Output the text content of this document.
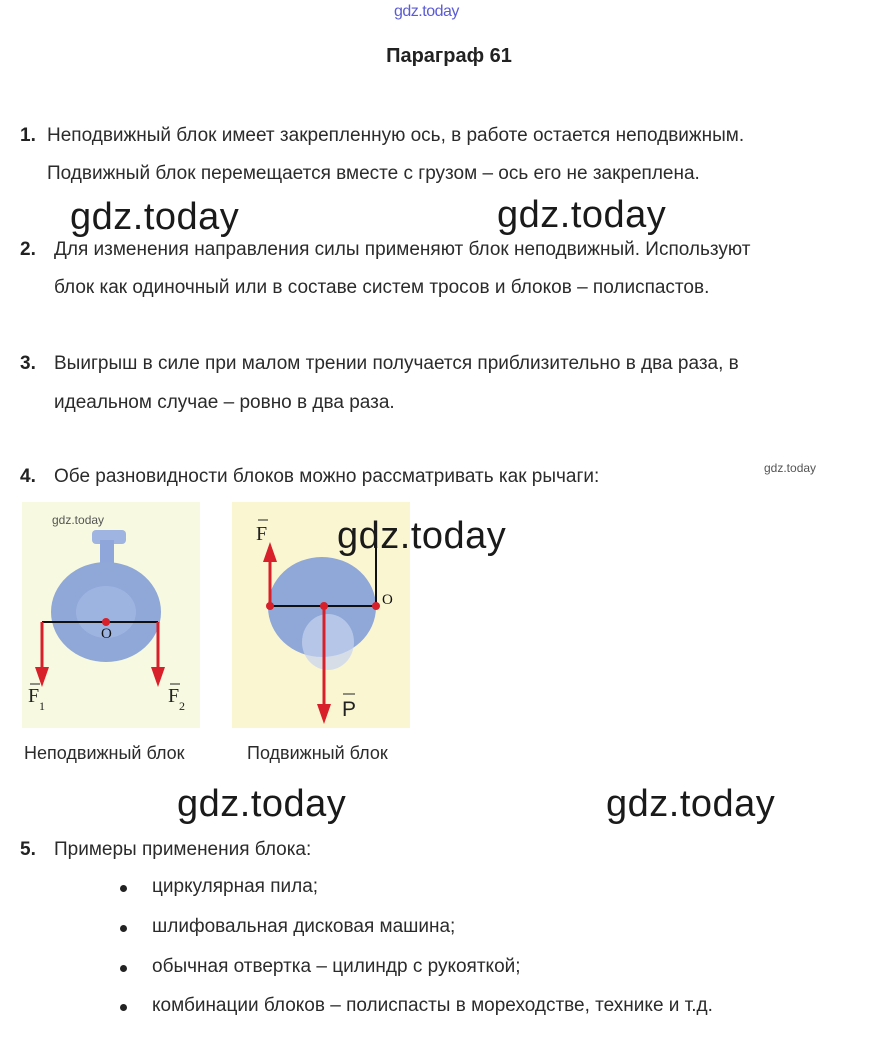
gdz.today
Параграф 61
1. Неподвижный блок имеет закрепленную ось, в работе остается неподвижным.
Подвижный блок перемещается вместе с грузом – ось его не закреплена.
gdz.today	gdz.today
2. Для изменения направления силы применяют блок неподвижный. Используют
блок как одиночный или в составе систем тросов и блоков – полиспастов.
3. Выигрыш в силе при малом трении получается приблизительно в два раза, в
идеальном случае – ровно в два раза.
4. Обе разновидности блоков можно рассматривать как рычаги:	gdz.today
O
F 1	F 2
gdz.today
F
O
P
gdz.today
Неподвижный блок	Подвижный блок
gdz.today	gdz.today
5. Примеры применения блока:
циркулярная пила;
шлифовальная дисковая машина;
обычная отвертка – цилиндр с рукояткой;
комбинации блоков – полиспасты в мореходстве, технике и т.д.
